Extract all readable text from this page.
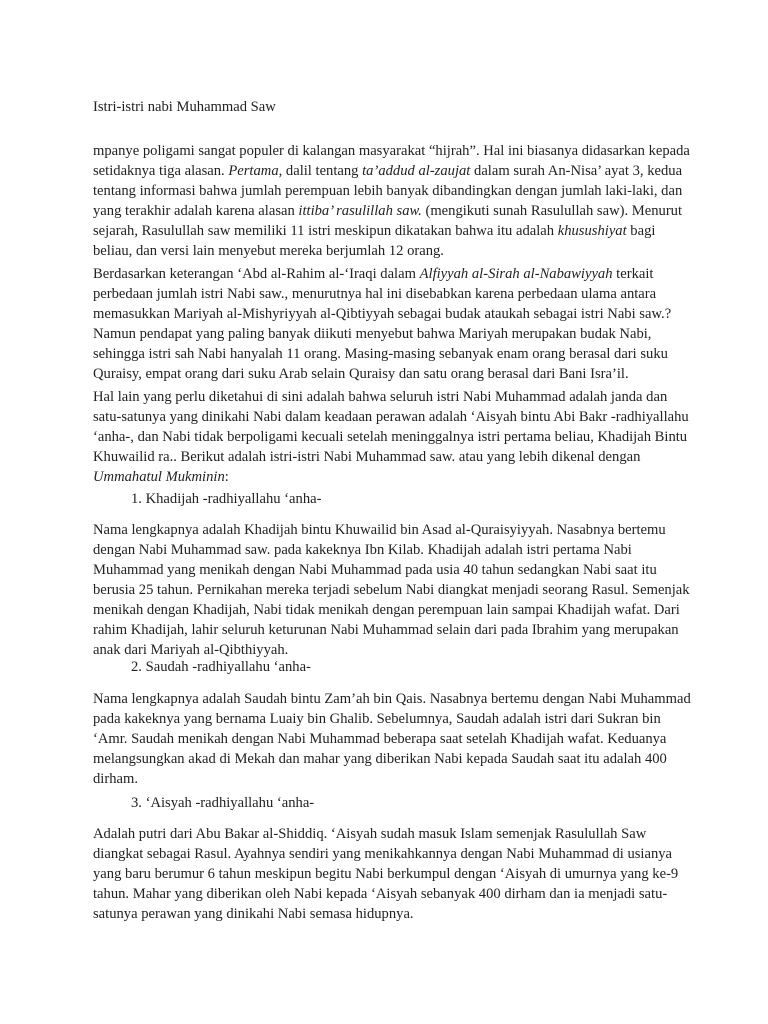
Istri-istri nabi Muhammad Saw
mpanye poligami sangat populer di kalangan masyarakat “hijrah”. Hal ini biasanya didasarkan kepada
setidaknya tiga alasan. Pertama, dalil tentang ta’addud al-zaujat dalam surah An-Nisa’ ayat 3, kedua
tentang informasi bahwa jumlah perempuan lebih banyak dibandingkan dengan jumlah laki-laki, dan
yang terakhir adalah karena alasan ittiba’ rasulillah saw. (mengikuti sunah Rasulullah saw). Menurut
sejarah, Rasulullah saw memiliki 11 istri meskipun dikatakan bahwa itu adalah khusushiyat bagi
beliau, dan versi lain menyebut mereka berjumlah 12 orang.
Berdasarkan keterangan ‘Abd al-Rahim al-‘Iraqi dalam Alfiyyah al-Sirah al-Nabawiyyah terkait
perbedaan jumlah istri Nabi saw., menurutnya hal ini disebabkan karena perbedaan ulama antara
memasukkan Mariyah al-Mishyriyyah al-Qibtiyyah sebagai budak ataukah sebagai istri Nabi saw.?
Namun pendapat yang paling banyak diikuti menyebut bahwa Mariyah merupakan budak Nabi,
sehingga istri sah Nabi hanyalah 11 orang. Masing-masing sebanyak enam orang berasal dari suku
Quraisy, empat orang dari suku Arab selain Quraisy dan satu orang berasal dari Bani Isra’il.
Hal lain yang perlu diketahui di sini adalah bahwa seluruh istri Nabi Muhammad adalah janda dan
satu-satunya yang dinikahi Nabi dalam keadaan perawan adalah ‘Aisyah bintu Abi Bakr -radhiyallahu
‘anha-, dan Nabi tidak berpoligami kecuali setelah meninggalnya istri pertama beliau, Khadijah Bintu
Khuwailid ra.. Berikut adalah istri-istri Nabi Muhammad saw. atau yang lebih dikenal dengan
Ummahatul Mukminin:
1. Khadijah -radhiyallahu ‘anha-
Nama lengkapnya adalah Khadijah bintu Khuwailid bin Asad al-Quraisyiyyah. Nasabnya bertemu
dengan Nabi Muhammad saw. pada kakeknya Ibn Kilab. Khadijah adalah istri pertama Nabi
Muhammad yang menikah dengan Nabi Muhammad pada usia 40 tahun sedangkan Nabi saat itu
berusia 25 tahun. Pernikahan mereka terjadi sebelum Nabi diangkat menjadi seorang Rasul. Semenjak
menikah dengan Khadijah, Nabi tidak menikah dengan perempuan lain sampai Khadijah wafat. Dari
rahim Khadijah, lahir seluruh keturunan Nabi Muhammad selain dari pada Ibrahim yang merupakan
anak dari Mariyah al-Qibthiyyah.
2. Saudah -radhiyallahu ‘anha-
Nama lengkapnya adalah Saudah bintu Zam’ah bin Qais. Nasabnya bertemu dengan Nabi Muhammad
pada kakeknya yang bernama Luaiy bin Ghalib. Sebelumnya, Saudah adalah istri dari Sukran bin
‘Amr. Saudah menikah dengan Nabi Muhammad beberapa saat setelah Khadijah wafat. Keduanya
melangsungkan akad di Mekah dan mahar yang diberikan Nabi kepada Saudah saat itu adalah 400
dirham.
3. ‘Aisyah -radhiyallahu ‘anha-
Adalah putri dari Abu Bakar al-Shiddiq. ‘Aisyah sudah masuk Islam semenjak Rasulullah Saw
diangkat sebagai Rasul. Ayahnya sendiri yang menikahkannya dengan Nabi Muhammad di usianya
yang baru berumur 6 tahun meskipun begitu Nabi berkumpul dengan ‘Aisyah di umurnya yang ke-9
tahun. Mahar yang diberikan oleh Nabi kepada ‘Aisyah sebanyak 400 dirham dan ia menjadi satu-
satunya perawan yang dinikahi Nabi semasa hidupnya.
